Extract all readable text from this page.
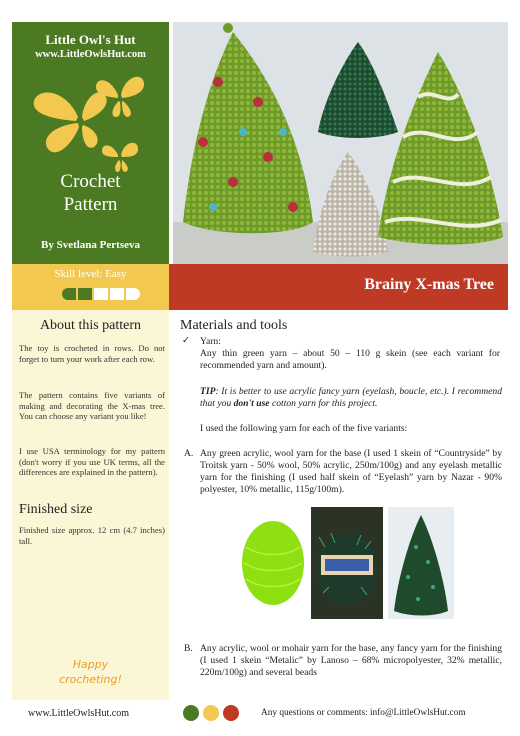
Little Owl's Hut
www.LittleOwlsHut.com
Crochet
Pattern
By Svetlana Pertseva
Skill level: Easy
Brainy X-mas Tree
About this pattern
The toy is crocheted in rows. Do not forget to turn your work after each row.
The pattern contains five variants of making and decorating the X-mas tree. You can choose any variant you like!
I use USA terminology for my pattern (don't worry if you use UK terms, all the differences are explained in the pattern).
Finished size
Finished size approx. 12 cm (4.7 inches) tall.
Happy
crocheting!
Materials and tools
✓ Yarn:
Any thin green yarn – about 50 – 110 g skein (see each variant for recommended yarn and amount).
TIP: It is better to use acrylic fancy yarn (eyelash, boucle, etc.). I recommend that you don't use cotton yarn for this project.
I used the following yarn for each of the five variants:
A. Any green acrylic, wool yarn for the base (I used 1 skein of “Countryside” by Troitsk yarn - 50% wool, 50% acrylic, 250m/100g) and any eyelash metallic yarn for the finishing (I used half skein of “Eyelash” yarn by Nazar - 90% polyester, 10% metallic, 115g/100m).
B. Any acrylic, wool or mohair yarn for the base, any fancy yarn for the finishing (I used 1 skein “Metalic” by Lanoso – 68% micropolyester, 32% metallic, 220m/100g) and several beads
www.LittleOwlsHut.com	Any questions or comments: info@LittleOwlsHut.com
